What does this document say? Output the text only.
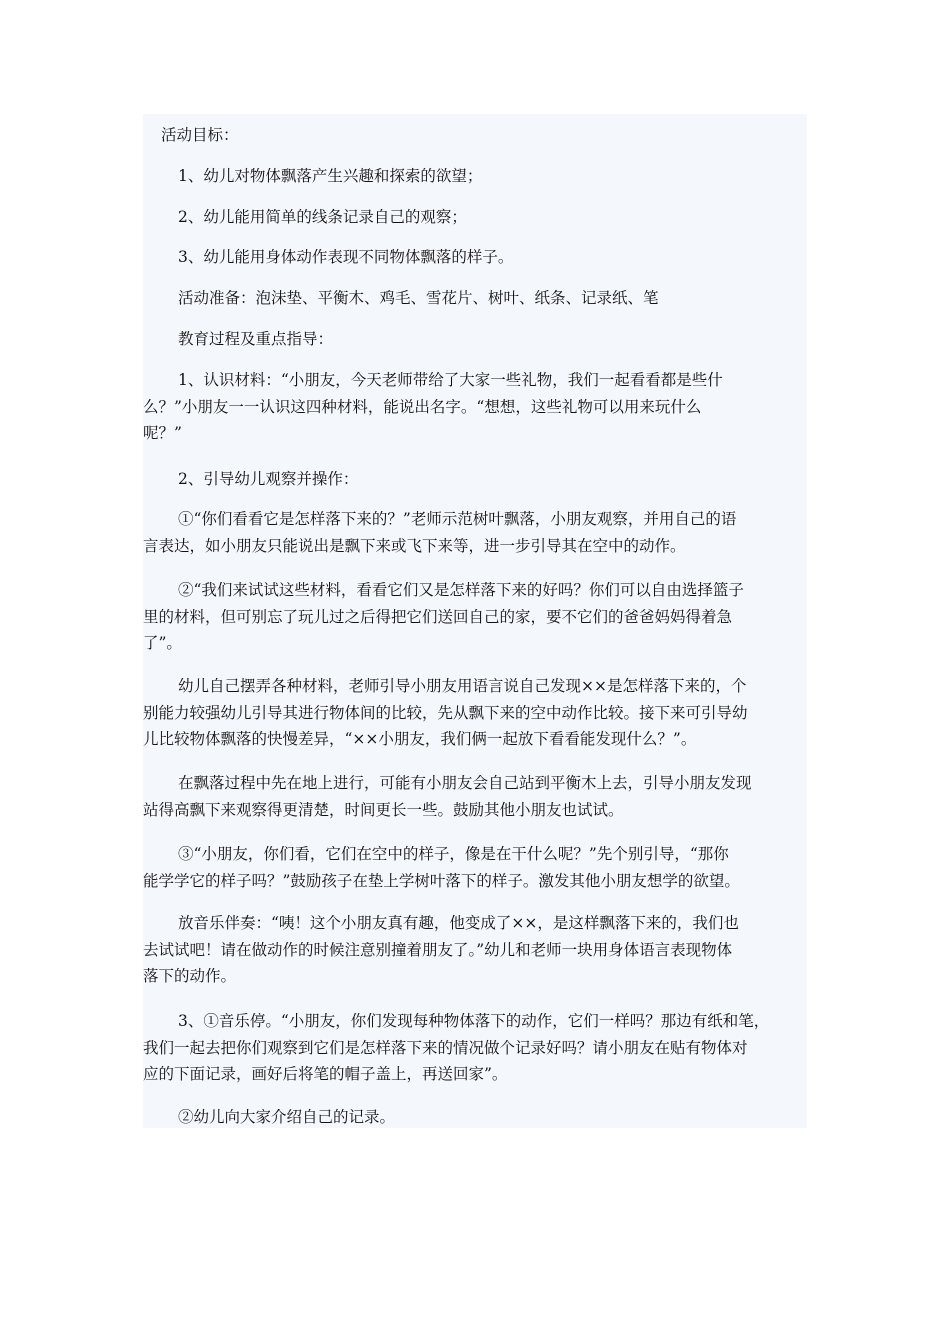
活动目标：
1、幼儿对物体飘落产生兴趣和探索的欲望；
2、幼儿能用简单的线条记录自己的观察；
3、幼儿能用身体动作表现不同物体飘落的样子。
活动准备：泡沫垫、平衡木、鸡毛、雪花片、树叶、纸条、记录纸、笔
教育过程及重点指导：
1、认识材料：“小朋友，今天老师带给了大家一些礼物，我们一起看看都是些什
么？”小朋友一一认识这四种材料，能说出名字。“想想，这些礼物可以用来玩什么
呢？”
2、引导幼儿观察并操作：
①“你们看看它是怎样落下来的？”老师示范树叶飘落，小朋友观察，并用自己的语
言表达，如小朋友只能说出是飘下来或飞下来等，进一步引导其在空中的动作。
②“我们来试试这些材料，看看它们又是怎样落下来的好吗？你们可以自由选择篮子
里的材料，但可别忘了玩儿过之后得把它们送回自己的家，要不它们的爸爸妈妈得着急
了”。
幼儿自己摆弄各种材料，老师引导小朋友用语言说自己发现××是怎样落下来的，个
别能力较强幼儿引导其进行物体间的比较，先从飘下来的空中动作比较。接下来可引导幼
儿比较物体飘落的快慢差异，“××小朋友，我们俩一起放下看看能发现什么？”。
在飘落过程中先在地上进行，可能有小朋友会自己站到平衡木上去，引导小朋友发现
站得高飘下来观察得更清楚，时间更长一些。鼓励其他小朋友也试试。
③“小朋友，你们看，它们在空中的样子，像是在干什么呢？”先个别引导，“那你
能学学它的样子吗？”鼓励孩子在垫上学树叶落下的样子。激发其他小朋友想学的欲望。
放音乐伴奏：“咦！这个小朋友真有趣，他变成了××，是这样飘落下来的，我们也
去试试吧！请在做动作的时候注意别撞着朋友了。”幼儿和老师一块用身体语言表现物体
落下的动作。
3、①音乐停。“小朋友，你们发现每种物体落下的动作，它们一样吗？那边有纸和笔，
我们一起去把你们观察到它们是怎样落下来的情况做个记录好吗？请小朋友在贴有物体对
应的下面记录，画好后将笔的帽子盖上，再送回家”。
②幼儿向大家介绍自己的记录。
